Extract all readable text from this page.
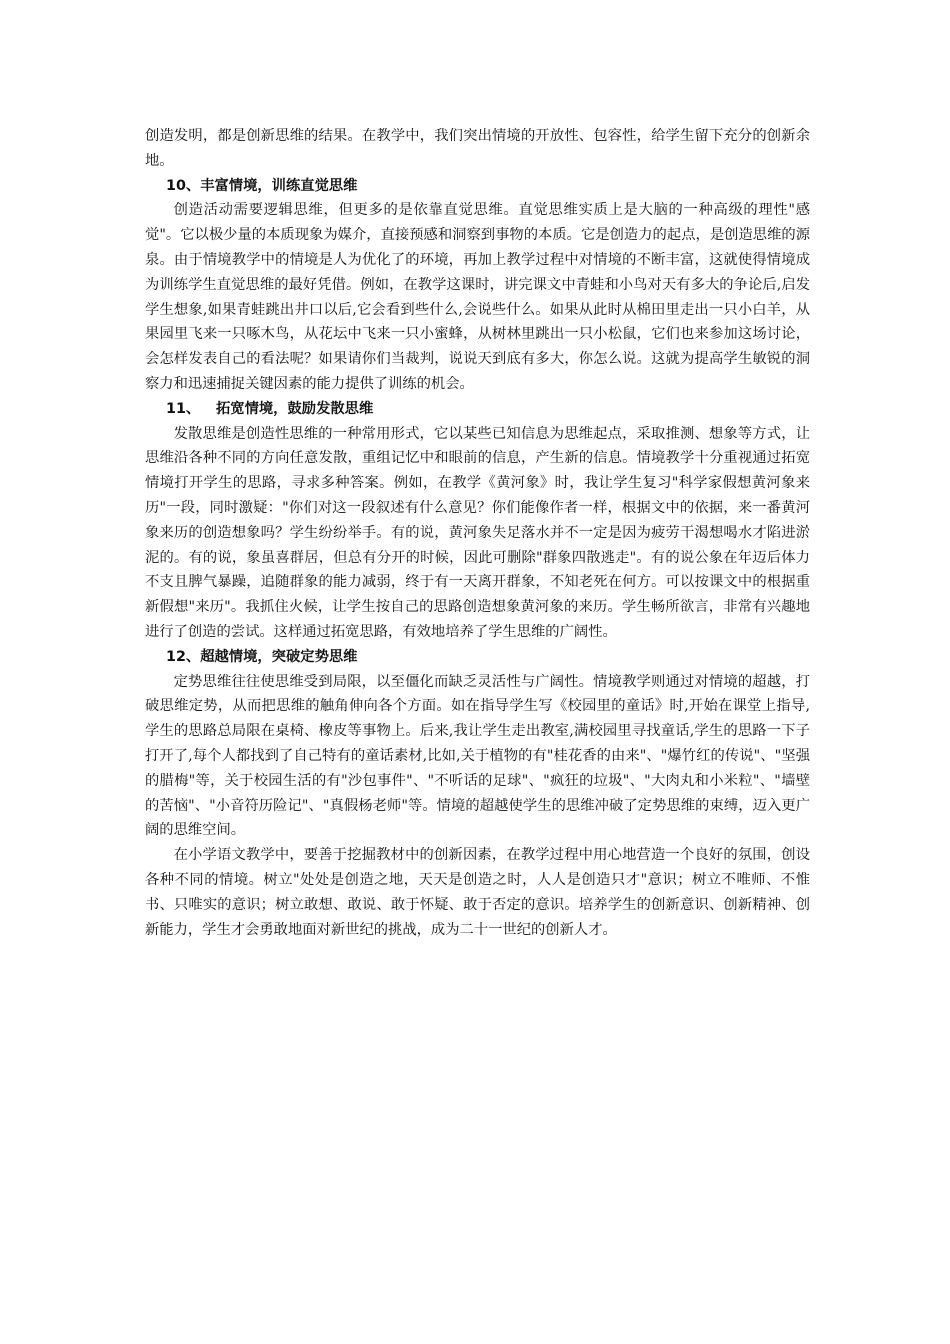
创造发明，都是创新思维的结果。在教学中，我们突出情境的开放性、包容性，给学生留下充分的创新余地。

10、丰富情境，训练直觉思维

创造活动需要逻辑思维，但更多的是依靠直觉思维。直觉思维实质上是大脑的一种高级的理性"感觉"。它以极少量的本质现象为媒介，直接预感和洞察到事物的本质。它是创造力的起点，是创造思维的源泉。由于情境教学中的情境是人为优化了的环境，再加上教学过程中对情境的不断丰富，这就使得情境成为训练学生直觉思维的最好凭借。例如，在教学这课时，讲完课文中青蛙和小鸟对天有多大的争论后,启发学生想象,如果青蛙跳出井口以后,它会看到些什么,会说些什么。如果从此时从棉田里走出一只小白羊，从果园里飞来一只啄木鸟，从花坛中飞来一只小蜜蜂，从树林里跳出一只小松鼠，它们也来参加这场讨论，会怎样发表自己的看法呢？如果请你们当裁判，说说天到底有多大，你怎么说。这就为提高学生敏锐的洞察力和迅速捕捉关键因素的能力提供了训练的机会。

11、 拓宽情境，鼓励发散思维

发散思维是创造性思维的一种常用形式，它以某些已知信息为思维起点，采取推测、想象等方式，让思维沿各种不同的方向任意发散，重组记忆中和眼前的信息，产生新的信息。情境教学十分重视通过拓宽情境打开学生的思路，寻求多种答案。例如，在教学《黄河象》时，我让学生复习"科学家假想黄河象来历"一段，同时激疑："你们对这一段叙述有什么意见？你们能像作者一样，根据文中的依据，来一番黄河象来历的创造想象吗？学生纷纷举手。有的说，黄河象失足落水并不一定是因为疲劳干渴想喝水才陷进淤泥的。有的说，象虽喜群居，但总有分开的时候，因此可删除"群象四散逃走"。有的说公象在年迈后体力不支且脾气暴躁，追随群象的能力减弱，终于有一天离开群象，不知老死在何方。可以按课文中的根据重新假想"来历"。我抓住火候，让学生按自己的思路创造想象黄河象的来历。学生畅所欲言，非常有兴趣地进行了创造的尝试。这样通过拓宽思路，有效地培养了学生思维的广阔性。

12、超越情境，突破定势思维

定势思维往往使思维受到局限，以至僵化而缺乏灵活性与广阔性。情境教学则通过对情境的超越，打破思维定势，从而把思维的触角伸向各个方面。如在指导学生写《校园里的童话》时,开始在课堂上指导,学生的思路总局限在桌椅、橡皮等事物上。后来,我让学生走出教室,满校园里寻找童话,学生的思路一下子打开了,每个人都找到了自己特有的童话素材,比如,关于植物的有"桂花香的由来"、"爆竹红的传说"、"坚强的腊梅"等，关于校园生活的有"沙包事件"、"不听话的足球"、"疯狂的垃圾"、"大肉丸和小米粒"、"墙壁的苦恼"、"小音符历险记"、"真假杨老师"等。情境的超越使学生的思维冲破了定势思维的束缚，迈入更广阔的思维空间。

在小学语文教学中，要善于挖掘教材中的创新因素，在教学过程中用心地营造一个良好的氛围，创设各种不同的情境。树立"处处是创造之地，天天是创造之时，人人是创造只才"意识；树立不唯师、不惟书、只唯实的意识；树立敢想、敢说、敢于怀疑、敢于否定的意识。培养学生的创新意识、创新精神、创新能力，学生才会勇敢地面对新世纪的挑战，成为二十一世纪的创新人才。
